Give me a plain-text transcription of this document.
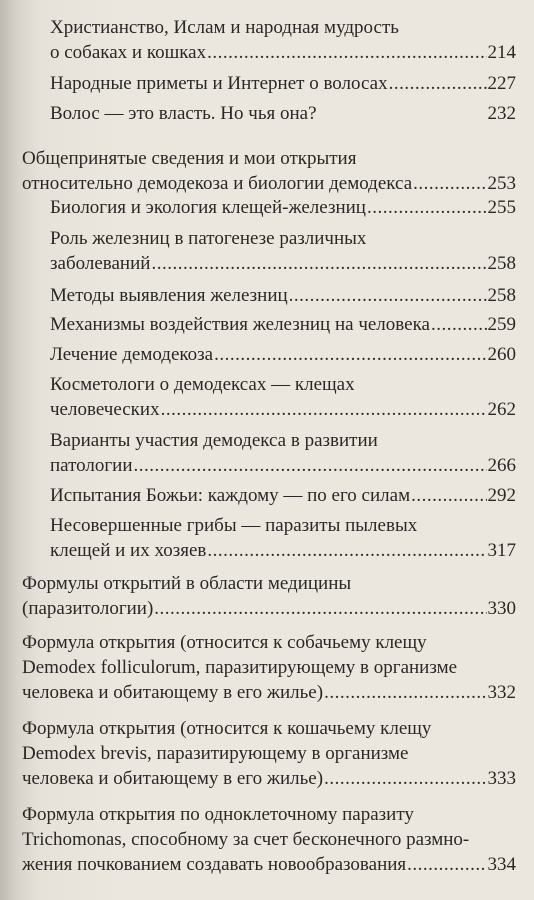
Христианство, Ислам и народная мудрость
о собаках и кошках .....	214
Народные приметы и Интернет о волосах .....	227
Волос — это власть. Но чья она?	232
Общепринятые сведения и мои открытия
относительно демодекоза и биологии демодекса .....	253
Биология и экология клещей-железниц .....	255
Роль железниц в патогенезе различных
заболеваний .....	258
Методы выявления железниц .....	258
Механизмы воздействия железниц на человека .....	259
Лечение демодекоза .....	260
Косметологи о демодексах — клещах
человеческих .....	262
Варианты участия демодекса в развитии
патологии .....	266
Испытания Божьи: каждому — по его силам .....	292
Несовершенные грибы — паразиты пылевых
клещей и их хозяев .....	317
Формулы открытий в области медицины
(паразитологии) .....	330
Формула открытия (относится к собачьему клещу
Demodex folliculorum, паразитирующему в организме
человека и обитающему в его жилье) .....	332
Формула открытия (относится к кошачьему клещу
Demodex brevis, паразитирующему в организме
человека и обитающему в его жилье) .....	333
Формула открытия по одноклеточному паразиту
Trichomonas, способному за счет бесконечного размно-
жения почкованием создавать новообразования .....	334
